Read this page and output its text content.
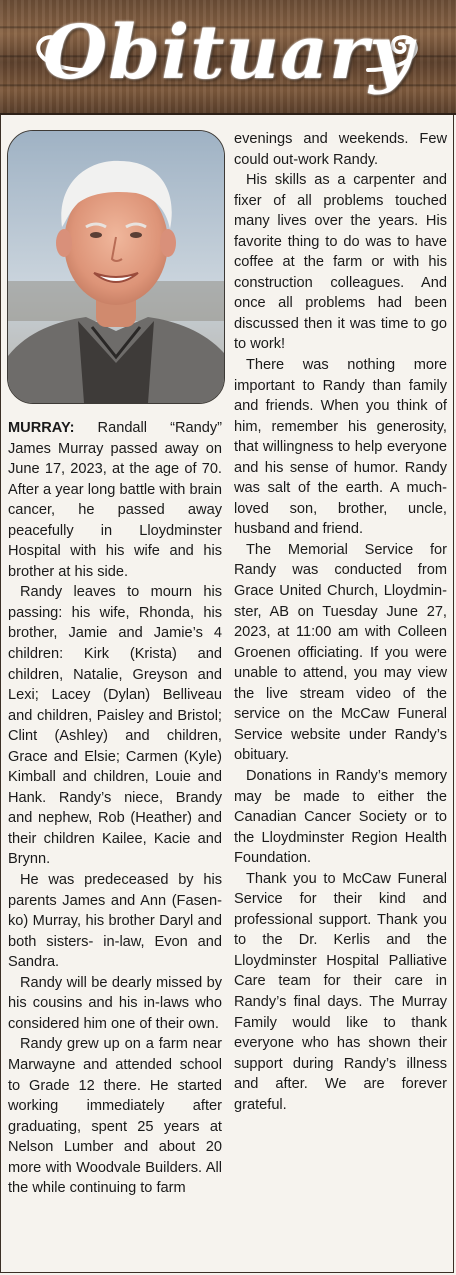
Obituary

MURRAY: Randall “Randy” James Murray passed away on June 17, 2023, at the age of 70. After a year long battle with brain cancer, he passed away peacefully in Lloydminster Hospital with his wife and his brother at his side.

Randy leaves to mourn his passing: his wife, Rhonda, his brother, Jamie and Jamie’s 4 children: Kirk (Krista) and children, Natalie, Greyson and Lexi; Lacey (Dylan) Belliveau and children, Paisley and Bristol; Clint (Ashley) and children, Grace and Elsie; Carmen (Kyle) Kimball and children, Louie and Hank. Randy’s niece, Brandy and nephew, Rob (Heather) and their children Kailee, Kacie and Brynn.

He was predeceased by his parents James and Ann (Fasenko) Murray, his brother Daryl and both sisters- in-law, Evon and Sandra.

Randy will be dearly missed by his cousins and his in-laws who considered him one of their own.

Randy grew up on a farm near Marwayne and attended school to Grade 12 there. He started working immediately after graduating, spent 25 years at Nelson Lumber and about 20 more with Woodvale Builders. All the while continuing to farm

evenings and weekends. Few could out-work Randy.

His skills as a carpenter and fixer of all problems touched many lives over the years. His favorite thing to do was to have coffee at the farm or with his construction colleagues. And once all problems had been discussed then it was time to go to work!

There was nothing more important to Randy than family and friends. When you think of him, remember his generosity, that willingness to help everyone and his sense of humor. Randy was salt of the earth. A much-loved son, brother, uncle, husband and friend.

The Memorial Service for Randy was conducted from Grace United Church, Lloydminster, AB on Tuesday June 27, 2023, at 11:00 am with Colleen Groenen officiating. If you were unable to attend, you may view the live stream video of the service on the McCaw Funeral Service website under Randy’s obituary.

Donations in Randy’s memory may be made to either the Canadian Cancer Society or to the Lloydminster Region Health Foundation.

Thank you to McCaw Funeral Service for their kind and professional support. Thank you to the Dr. Kerlis and the Lloydminster Hospital Palliative Care team for their care in Randy’s final days. The Murray Family would like to thank everyone who has shown their support during Randy’s illness and after. We are forever grateful.
